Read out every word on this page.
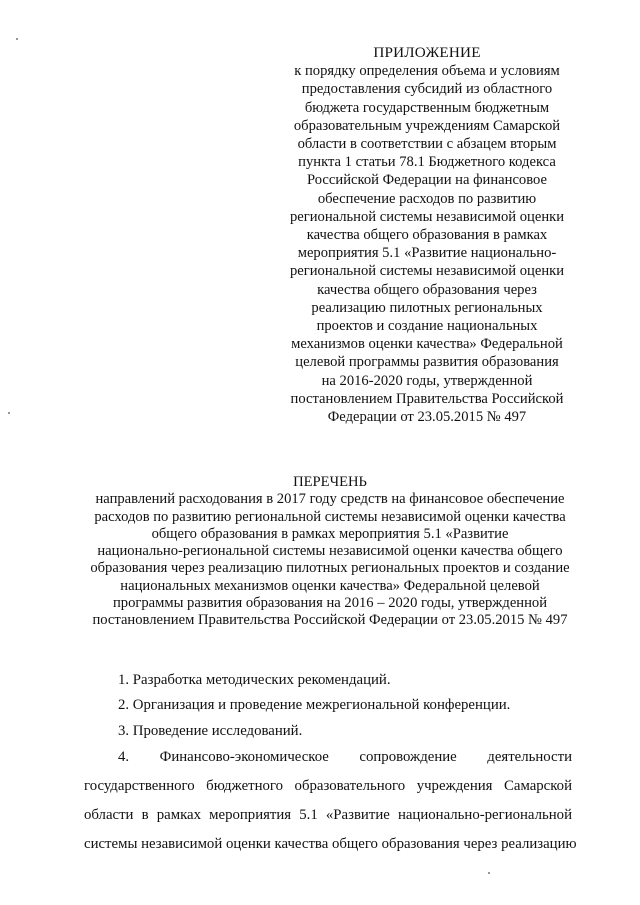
ПРИЛОЖЕНИЕ
к порядку определения объема и условиям
предоставления субсидий из областного
бюджета государственным бюджетным
образовательным учреждениям Самарской
области в соответствии с абзацем вторым
пункта 1 статьи 78.1 Бюджетного кодекса
Российской Федерации на финансовое
обеспечение расходов по развитию
региональной системы независимой оценки
качества общего образования в рамках
мероприятия 5.1 «Развитие национально-
региональной системы независимой оценки
качества общего образования через
реализацию пилотных региональных
проектов и создание национальных
механизмов оценки качества» Федеральной
целевой программы развития образования
на 2016-2020 годы, утвержденной
постановлением Правительства Российской
Федерации от 23.05.2015 № 497
ПЕРЕЧЕНЬ
направлений расходования в 2017 году средств на финансовое обеспечение
расходов по развитию региональной системы независимой оценки качества
общего образования в рамках мероприятия 5.1 «Развитие
национально-региональной системы независимой оценки качества общего
образования через реализацию пилотных региональных проектов и создание
национальных механизмов оценки качества» Федеральной целевой
программы развития образования на 2016 – 2020 годы, утвержденной
постановлением Правительства Российской Федерации от 23.05.2015 № 497
1. Разработка методических рекомендаций.
2. Организация и проведение межрегиональной конференции.
3. Проведение исследований.
4. Финансово-экономическое сопровождение деятельности
государственного бюджетного образовательного учреждения Самарской
области в рамках мероприятия 5.1 «Развитие национально-региональной
системы независимой оценки качества общего образования через реализацию
